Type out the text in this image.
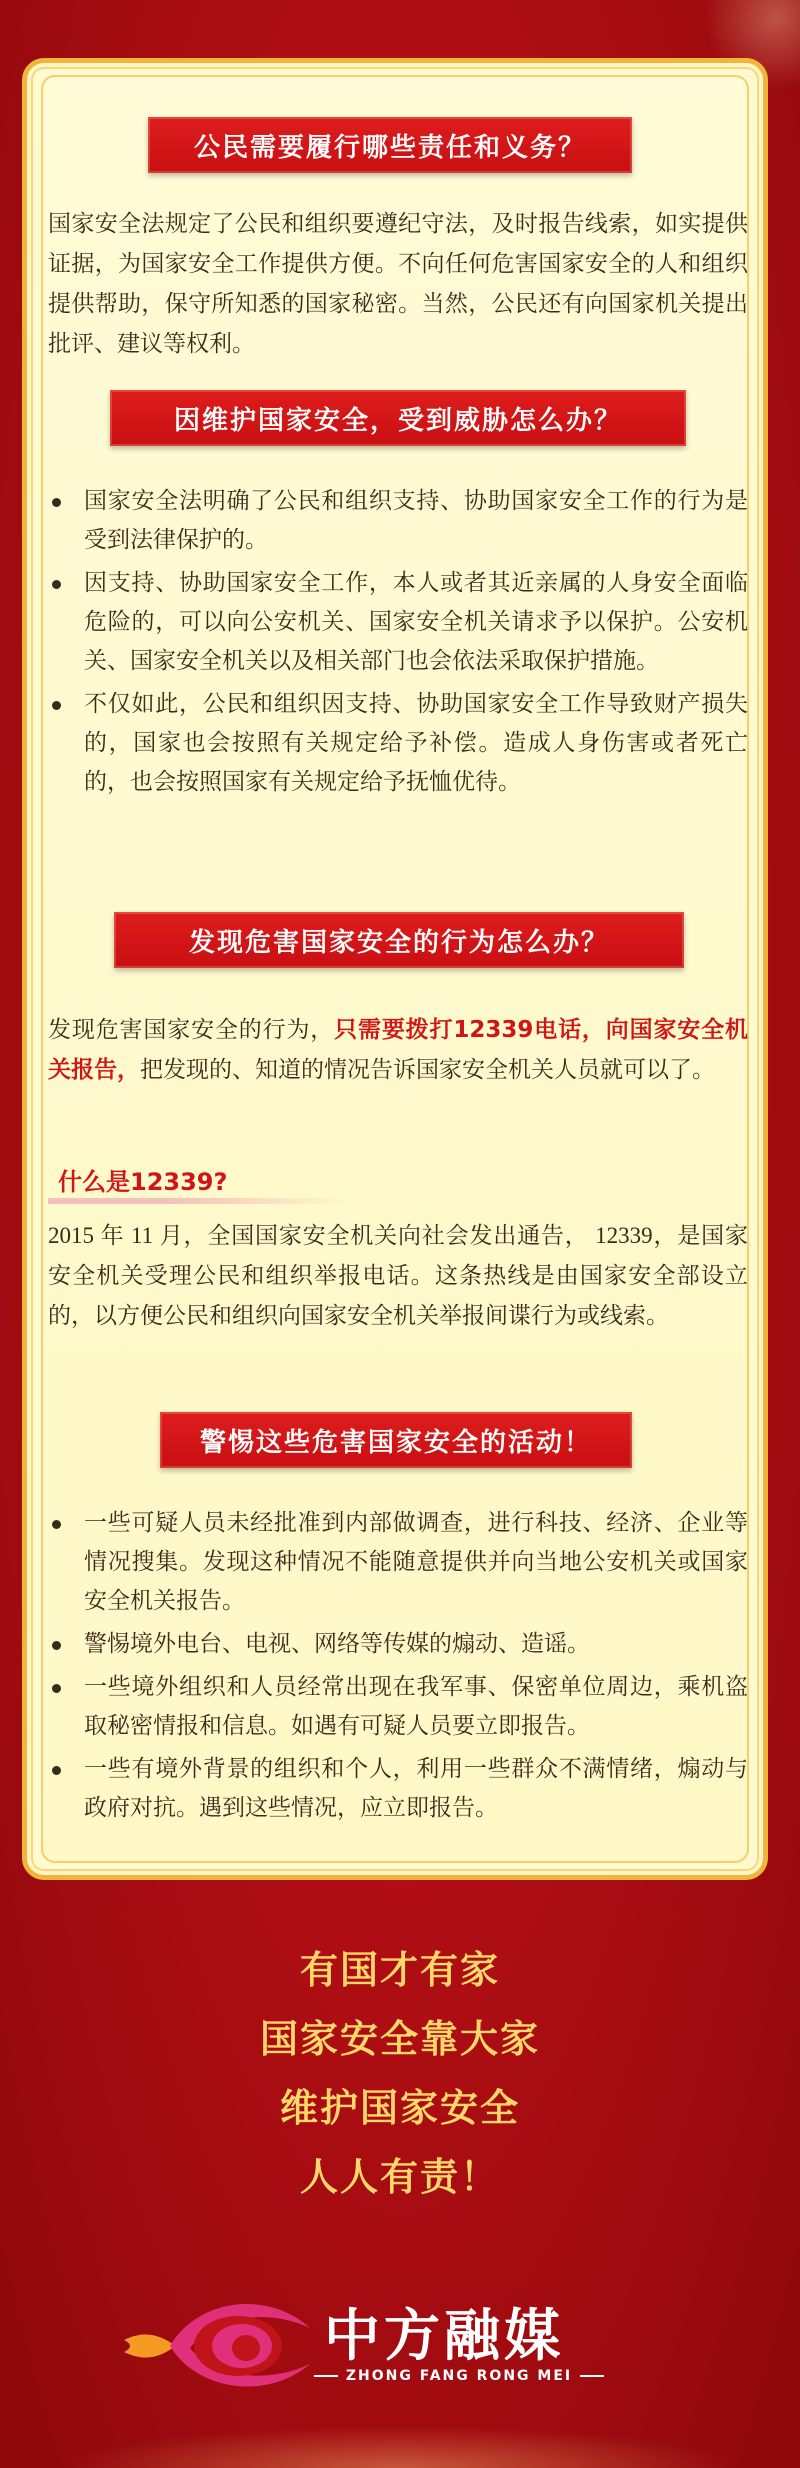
公民需要履行哪些责任和义务？
国家安全法规定了公民和组织要遵纪守法，及时报告线索，如实提供证据，为国家安全工作提供方便。不向任何危害国家安全的人和组织提供帮助，保守所知悉的国家秘密。当然，公民还有向国家机关提出批评、建议等权利。
因维护国家安全，受到威胁怎么办？
国家安全法明确了公民和组织支持、协助国家安全工作的行为是受到法律保护的。
因支持、协助国家安全工作，本人或者其近亲属的人身安全面临危险的，可以向公安机关、国家安全机关请求予以保护。公安机关、国家安全机关以及相关部门也会依法采取保护措施。
不仅如此，公民和组织因支持、协助国家安全工作导致财产损失的，国家也会按照有关规定给予补偿。造成人身伤害或者死亡的，也会按照国家有关规定给予抚恤优待。
发现危害国家安全的行为怎么办？
发现危害国家安全的行为，只需要拨打12339电话，向国家安全机关报告，把发现的、知道的情况告诉国家安全机关人员就可以了。
什么是12339?
2015 年 11 月，全国国家安全机关向社会发出通告， 12339，是国家安全机关受理公民和组织举报电话。这条热线是由国家安全部设立的，以方便公民和组织向国家安全机关举报间谍行为或线索。
警惕这些危害国家安全的活动！
一些可疑人员未经批准到内部做调查，进行科技、经济、企业等情况搜集。发现这种情况不能随意提供并向当地公安机关或国家安全机关报告。
警惕境外电台、电视、网络等传媒的煽动、造谣。
一些境外组织和人员经常出现在我军事、保密单位周边，乘机盗取秘密情报和信息。如遇有可疑人员要立即报告。
一些有境外背景的组织和个人，利用一些群众不满情绪，煽动与政府对抗。遇到这些情况，应立即报告。
有国才有家
国家安全靠大家
维护国家安全
人人有责！
中方融媒
ZHONG FANG RONG MEI
